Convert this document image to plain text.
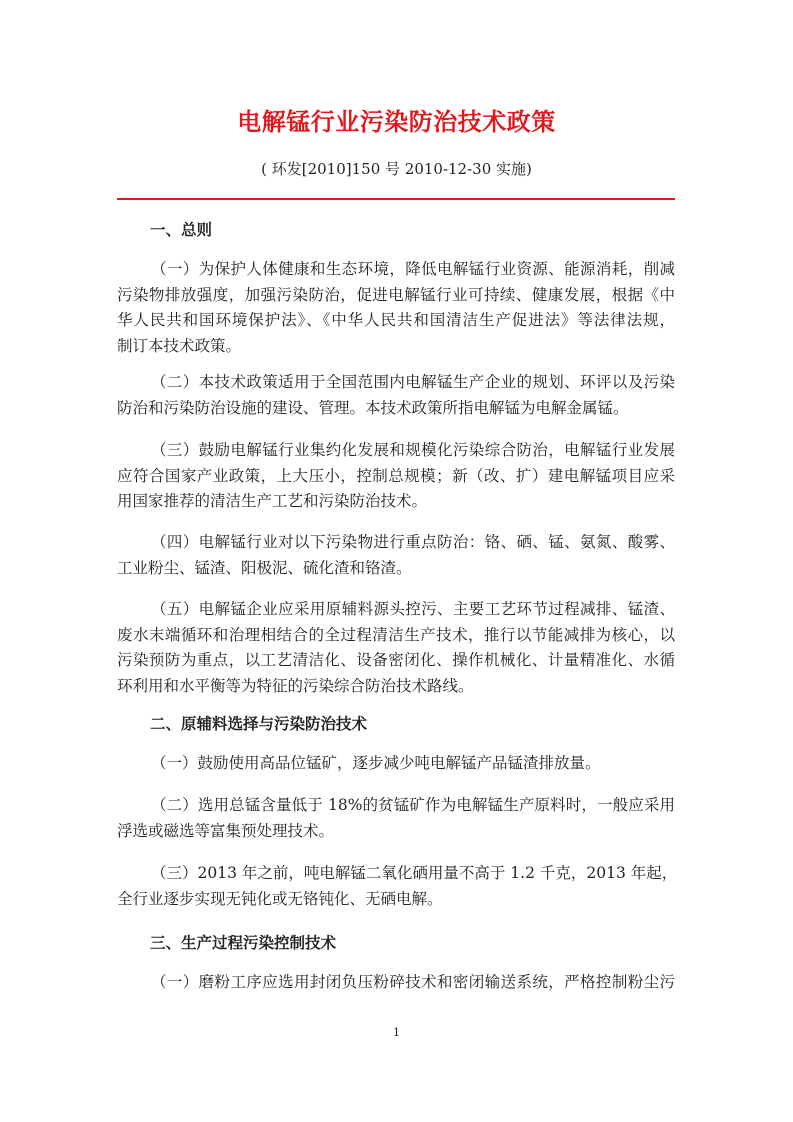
电解锰行业污染防治技术政策
( 环发[2010]150 号 2010-12-30 实施)
一、总则
（一）为保护人体健康和生态环境，降低电解锰行业资源、能源消耗，削减
污染物排放强度，加强污染防治，促进电解锰行业可持续、健康发展，根据《中
华人民共和国环境保护法》、《中华人民共和国清洁生产促进法》等法律法规，
制订本技术政策。
（二）本技术政策适用于全国范围内电解锰生产企业的规划、环评以及污染
防治和污染防治设施的建设、管理。本技术政策所指电解锰为电解金属锰。
（三）鼓励电解锰行业集约化发展和规模化污染综合防治，电解锰行业发展
应符合国家产业政策，上大压小，控制总规模；新（改、扩）建电解锰项目应采
用国家推荐的清洁生产工艺和污染防治技术。
（四）电解锰行业对以下污染物进行重点防治：铬、硒、锰、氨氮、酸雾、
工业粉尘、锰渣、阳极泥、硫化渣和铬渣。
（五）电解锰企业应采用原辅料源头控污、主要工艺环节过程减排、锰渣、
废水末端循环和治理相结合的全过程清洁生产技术，推行以节能减排为核心，以
污染预防为重点，以工艺清洁化、设备密闭化、操作机械化、计量精准化、水循
环利用和水平衡等为特征的污染综合防治技术路线。
二、原辅料选择与污染防治技术
（一）鼓励使用高品位锰矿，逐步减少吨电解锰产品锰渣排放量。
（二）选用总锰含量低于 18%的贫锰矿作为电解锰生产原料时，一般应采用
浮选或磁选等富集预处理技术。
（三）2013 年之前，吨电解锰二氧化硒用量不高于 1.2 千克，2013 年起，
全行业逐步实现无钝化或无铬钝化、无硒电解。
三、生产过程污染控制技术
（一）磨粉工序应选用封闭负压粉碎技术和密闭输送系统，严格控制粉尘污
1
